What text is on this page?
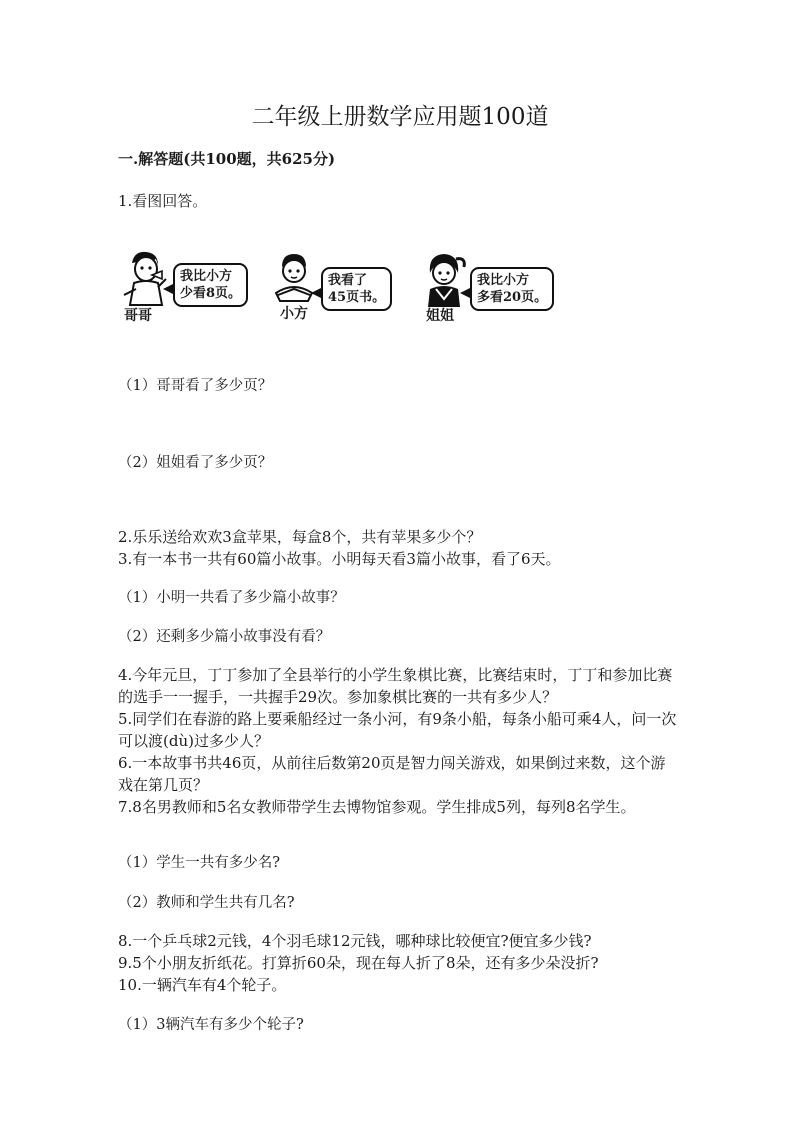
二年级上册数学应用题100道
一.解答题(共100题，共625分)
1.看图回答。
我比小方
少看8页。
哥哥
我看了
45页书。
小方
我比小方
多看20页。
姐姐
（1）哥哥看了多少页？
（2）姐姐看了多少页？
2.乐乐送给欢欢3盒苹果，每盒8个，共有苹果多少个？
3.有一本书一共有60篇小故事。小明每天看3篇小故事，看了6天。
（1）小明一共看了多少篇小故事？
（2）还剩多少篇小故事没有看？
4.今年元旦，丁丁参加了全县举行的小学生象棋比赛，比赛结束时，丁丁和参加比赛的选手一一握手，一共握手29次。参加象棋比赛的一共有多少人？
5.同学们在春游的路上要乘船经过一条小河，有9条小船，每条小船可乘4人，问一次可以渡(dù)过多少人？
6.一本故事书共46页，从前往后数第20页是智力闯关游戏，如果倒过来数，这个游戏在第几页？
7.8名男教师和5名女教师带学生去博物馆参观。学生排成5列，每列8名学生。
（1）学生一共有多少名?
（2）教师和学生共有几名?
8.一个乒乓球2元钱，4个羽毛球12元钱，哪种球比较便宜?便宜多少钱?
9.5个小朋友折纸花。打算折60朵，现在每人折了8朵，还有多少朵没折?
10.一辆汽车有4个轮子。
（1）3辆汽车有多少个轮子?
